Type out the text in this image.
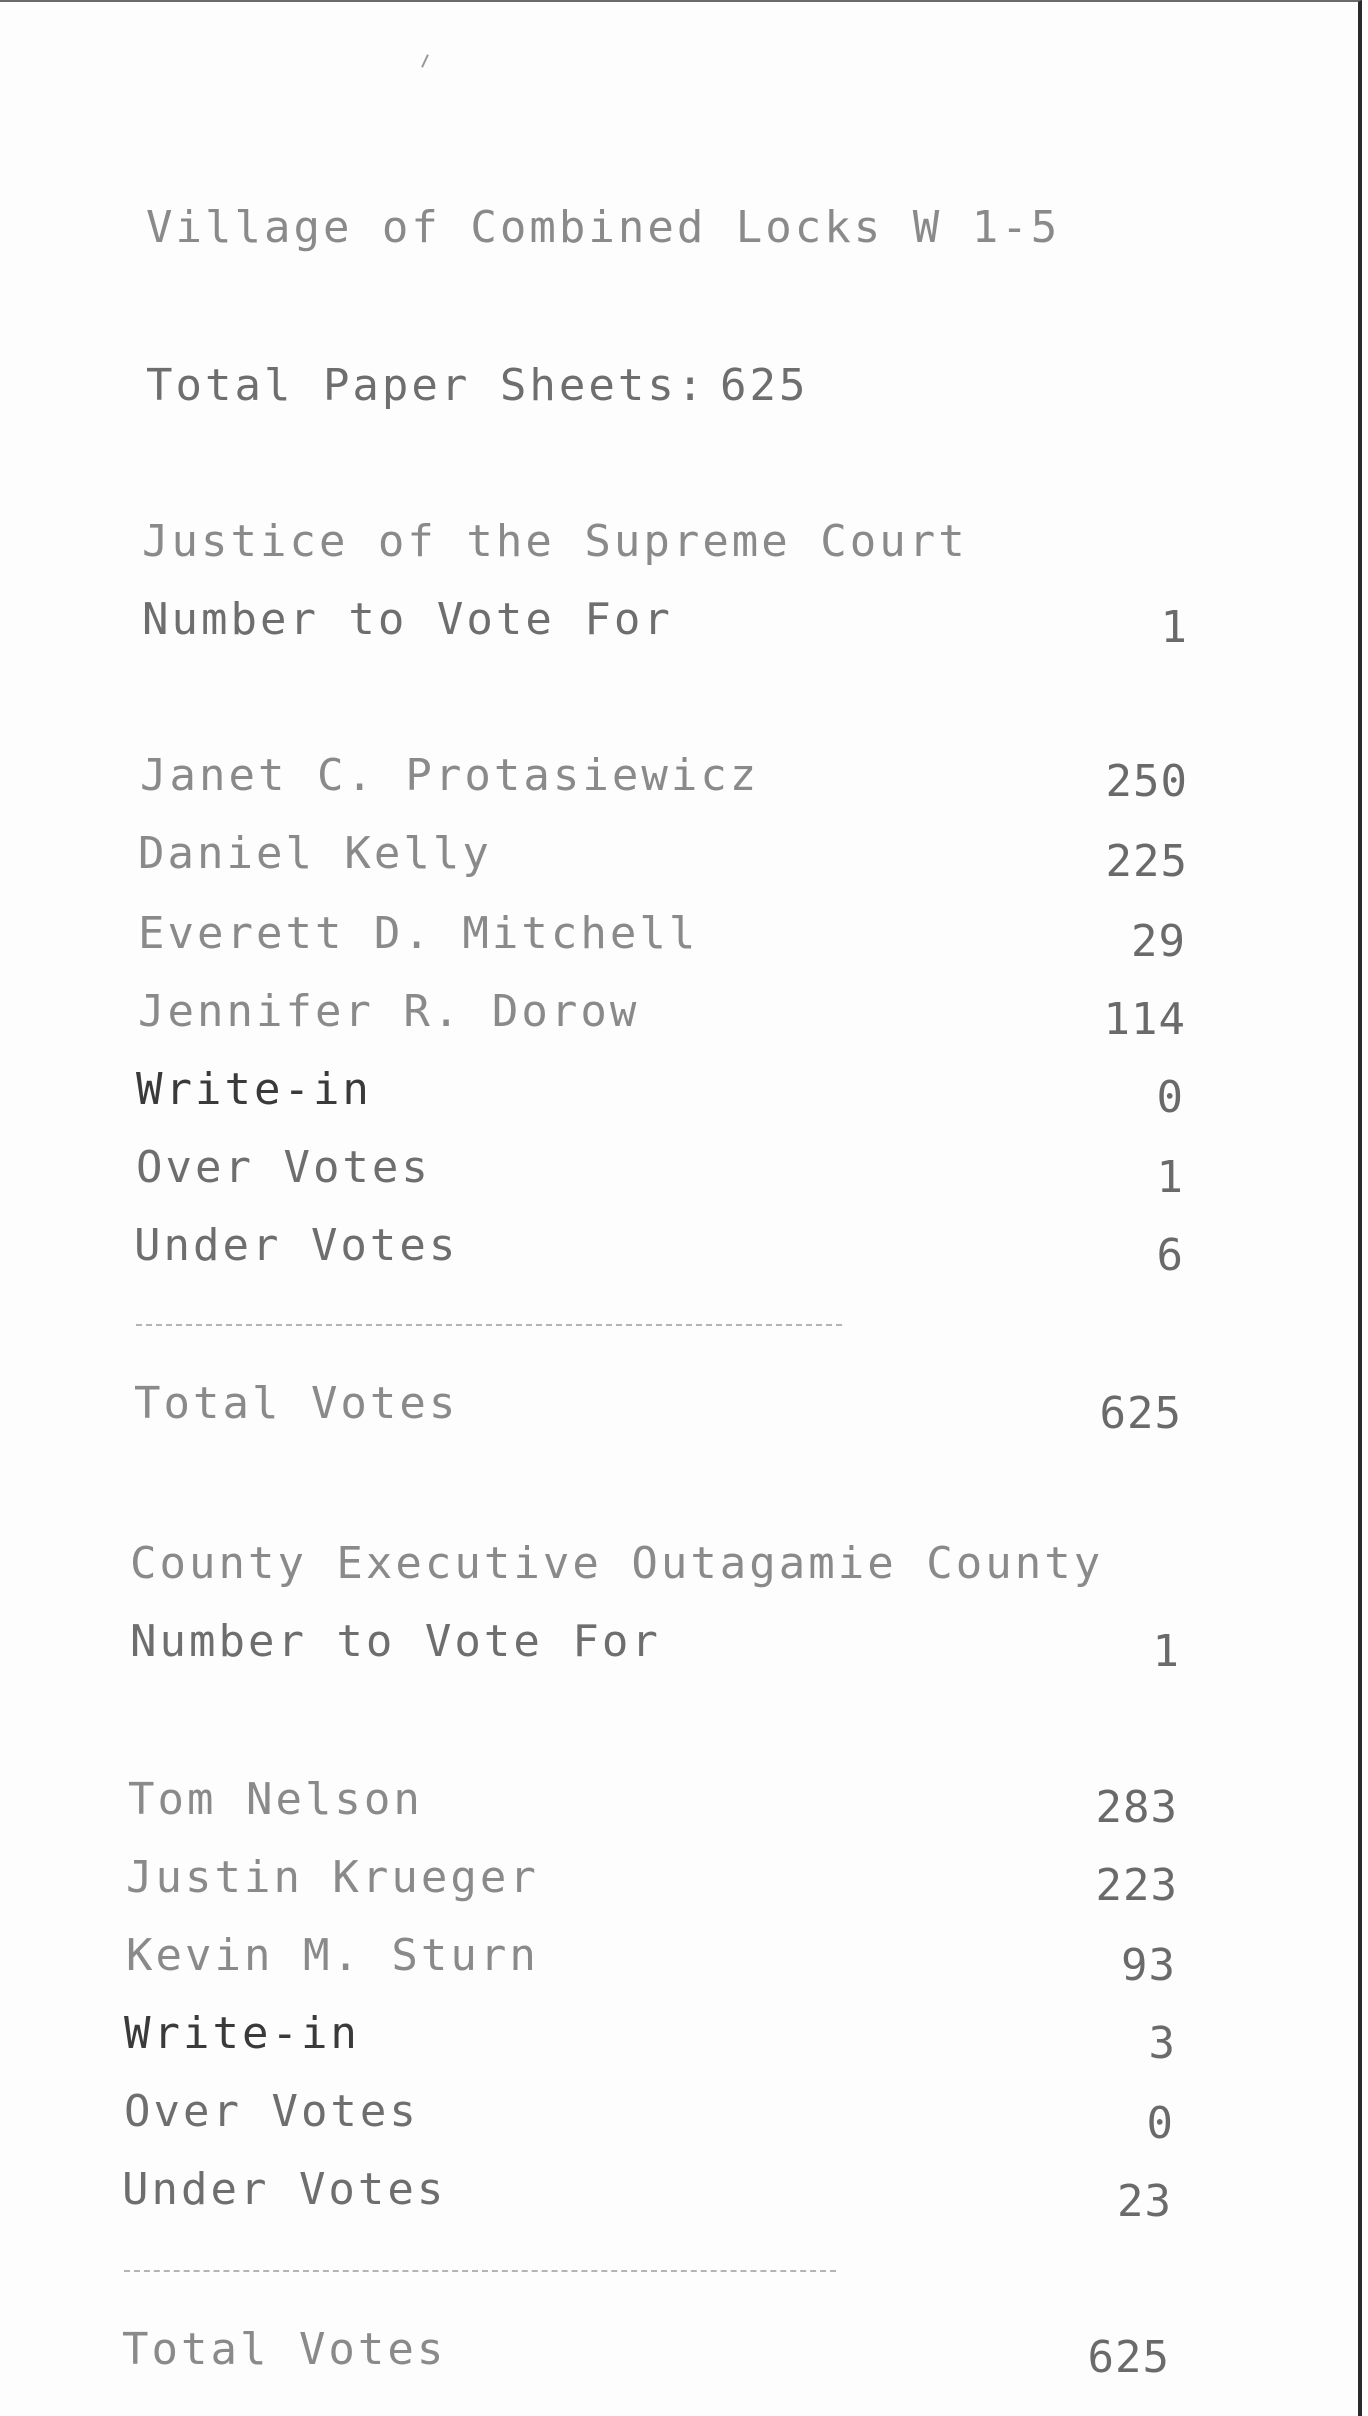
Village of Combined Locks W 1-5
Total Paper Sheets: 625
Justice of the Supreme Court
Number to Vote For	1
Janet C. Protasiewicz	250
Daniel Kelly	225
Everett D. Mitchell	29
Jennifer R. Dorow	114
Write-in	0
Over Votes	1
Under Votes	6
Total Votes	625
County Executive Outagamie County
Number to Vote For	1
Tom Nelson	283
Justin Krueger	223
Kevin M. Sturn	93
Write-in	3
Over Votes	0
Under Votes	23
Total Votes	625
